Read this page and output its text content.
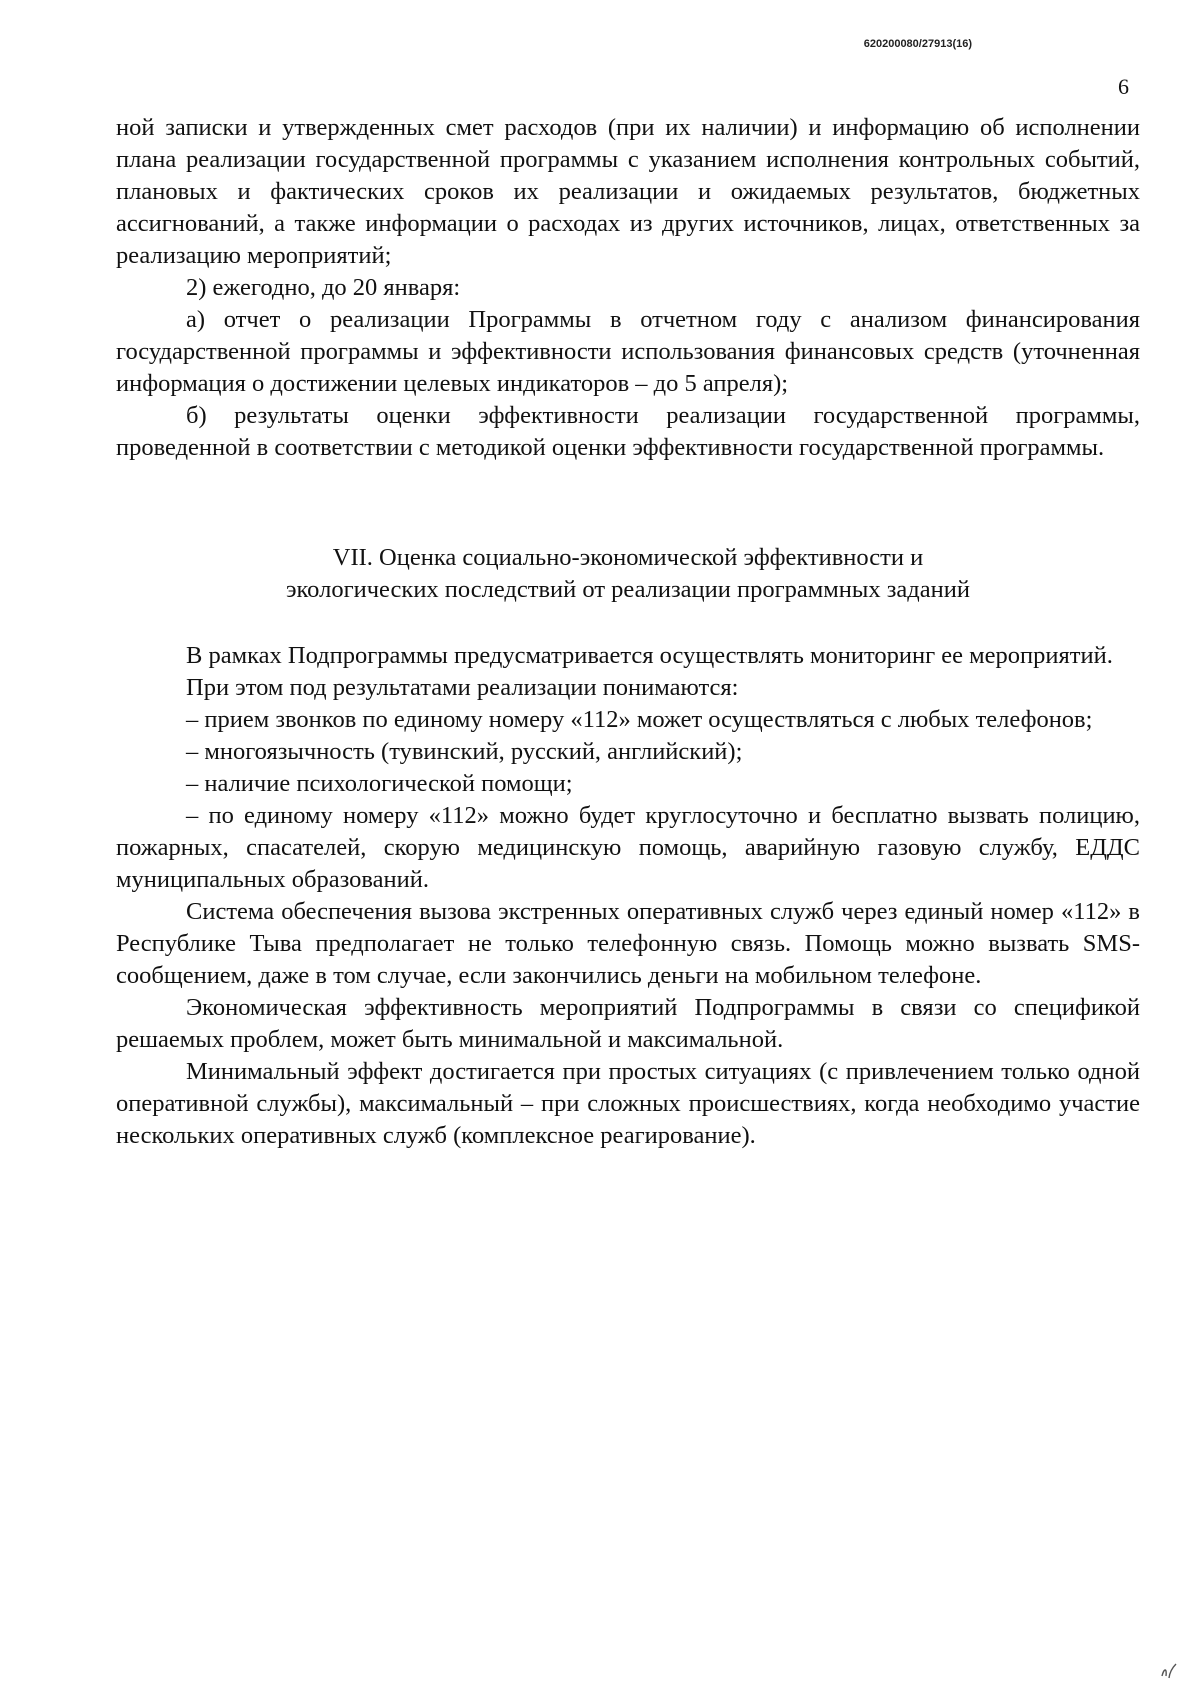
620200080/27913(16)
6

ной записки и утвержденных смет расходов (при их наличии) и информацию об исполнении плана реализации государственной программы с указанием исполнения контрольных событий, плановых и фактических сроков их реализации и ожидаемых результатов, бюджетных ассигнований, а также информации о расходах из других источников, лицах, ответственных за реализацию мероприятий;

2) ежегодно, до 20 января:

а) отчет о реализации Программы в отчетном году с анализом финансирования государственной программы и эффективности использования финансовых средств (уточненная информация о достижении целевых индикаторов – до 5 апреля);

б) результаты оценки эффективности реализации государственной программы, проведенной в соответствии с методикой оценки эффективности государственной программы.

VII. Оценка социально-экономической эффективности и
экологических последствий от реализации программных заданий

В рамках Подпрограммы предусматривается осуществлять мониторинг ее мероприятий.

При этом под результатами реализации понимаются:

– прием звонков по единому номеру «112» может осуществляться с любых телефонов;

– многоязычность (тувинский, русский, английский);

– наличие психологической помощи;

– по единому номеру «112» можно будет круглосуточно и бесплатно вызвать полицию, пожарных, спасателей, скорую медицинскую помощь, аварийную газовую службу, ЕДДС муниципальных образований.

Система обеспечения вызова экстренных оперативных служб через единый номер «112» в Республике Тыва предполагает не только телефонную связь. Помощь можно вызвать SMS-сообщением, даже в том случае, если закончились деньги на мобильном телефоне.

Экономическая эффективность мероприятий Подпрограммы в связи со спецификой решаемых проблем, может быть минимальной и максимальной.

Минимальный эффект достигается при простых ситуациях (с привлечением только одной оперативной службы), максимальный – при сложных происшествиях, когда необходимо участие нескольких оперативных служб (комплексное реагирование).
